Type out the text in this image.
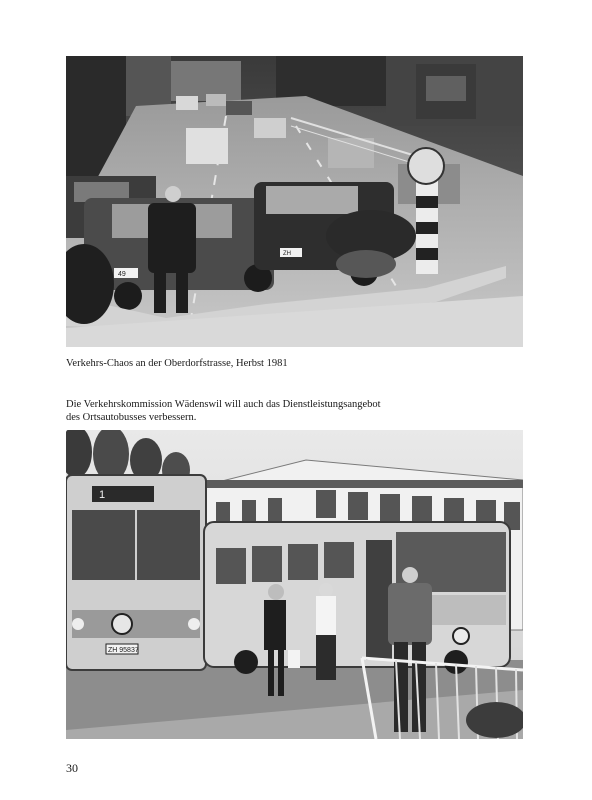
49
ZH
Verkehrs-Chaos an der Oberdorfstrasse, Herbst 1981
Die Verkehrskommission Wädenswil will auch das Dienstleistungsangebot
des Ortsautobusses verbessern.
1
ZH 95837
30
